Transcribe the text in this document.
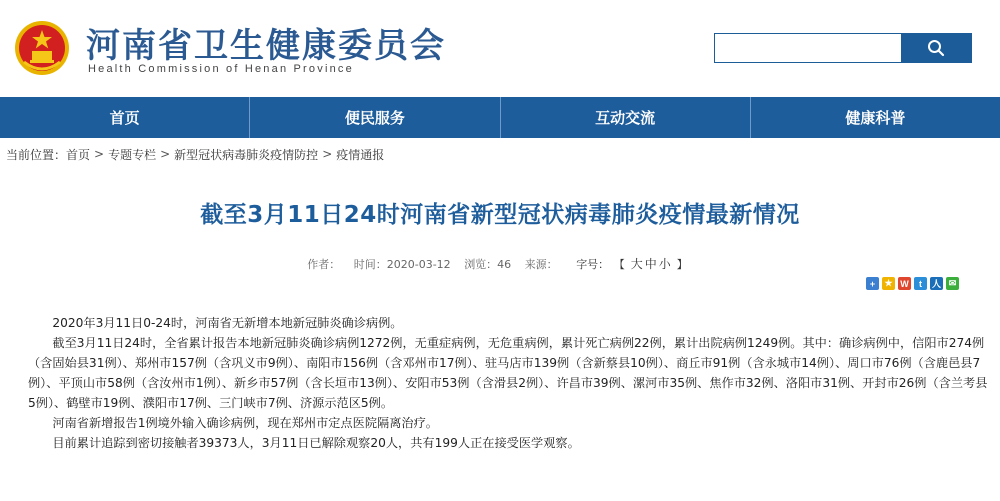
河南省卫生健康委员会
Health Commission of Henan Province
首页	便民服务	互动交流	健康科普
当前位置： 首页 > 专题专栏 > 新型冠状病毒肺炎疫情防控 > 疫情通报
截至3月11日24时河南省新型冠状病毒肺炎疫情最新情况
作者： 时间：2020-03-12 浏览：46 来源： 字号： 【 大 中 小 】
+	★ W	t	人 ✉

2020年3月11日0-24时，河南省无新增本地新冠肺炎确诊病例。

截至3月11日24时，全省累计报告本地新冠肺炎确诊病例1272例，无重症病例，无危重病例，累计死亡病例22例，累计出院病例1249例。其中：确诊病例中，信阳市274例（含固始县31例）、郑州市157例（含巩义市9例）、南阳市156例（含邓州市17例）、驻马店市139例（含新蔡县10例）、商丘市91例（含永城市14例）、周口市76例（含鹿邑县7例）、平顶山市58例（含汝州市1例）、新乡市57例（含长垣市13例）、安阳市53例（含滑县2例）、许昌市39例、漯河市35例、焦作市32例、洛阳市31例、开封市26例（含兰考县5例）、鹤壁市19例、濮阳市17例、三门峡市7例、济源示范区5例。

河南省新增报告1例境外输入确诊病例，现在郑州市定点医院隔离治疗。

目前累计追踪到密切接触者39373人，3月11日已解除观察20人，共有199人正在接受医学观察。
